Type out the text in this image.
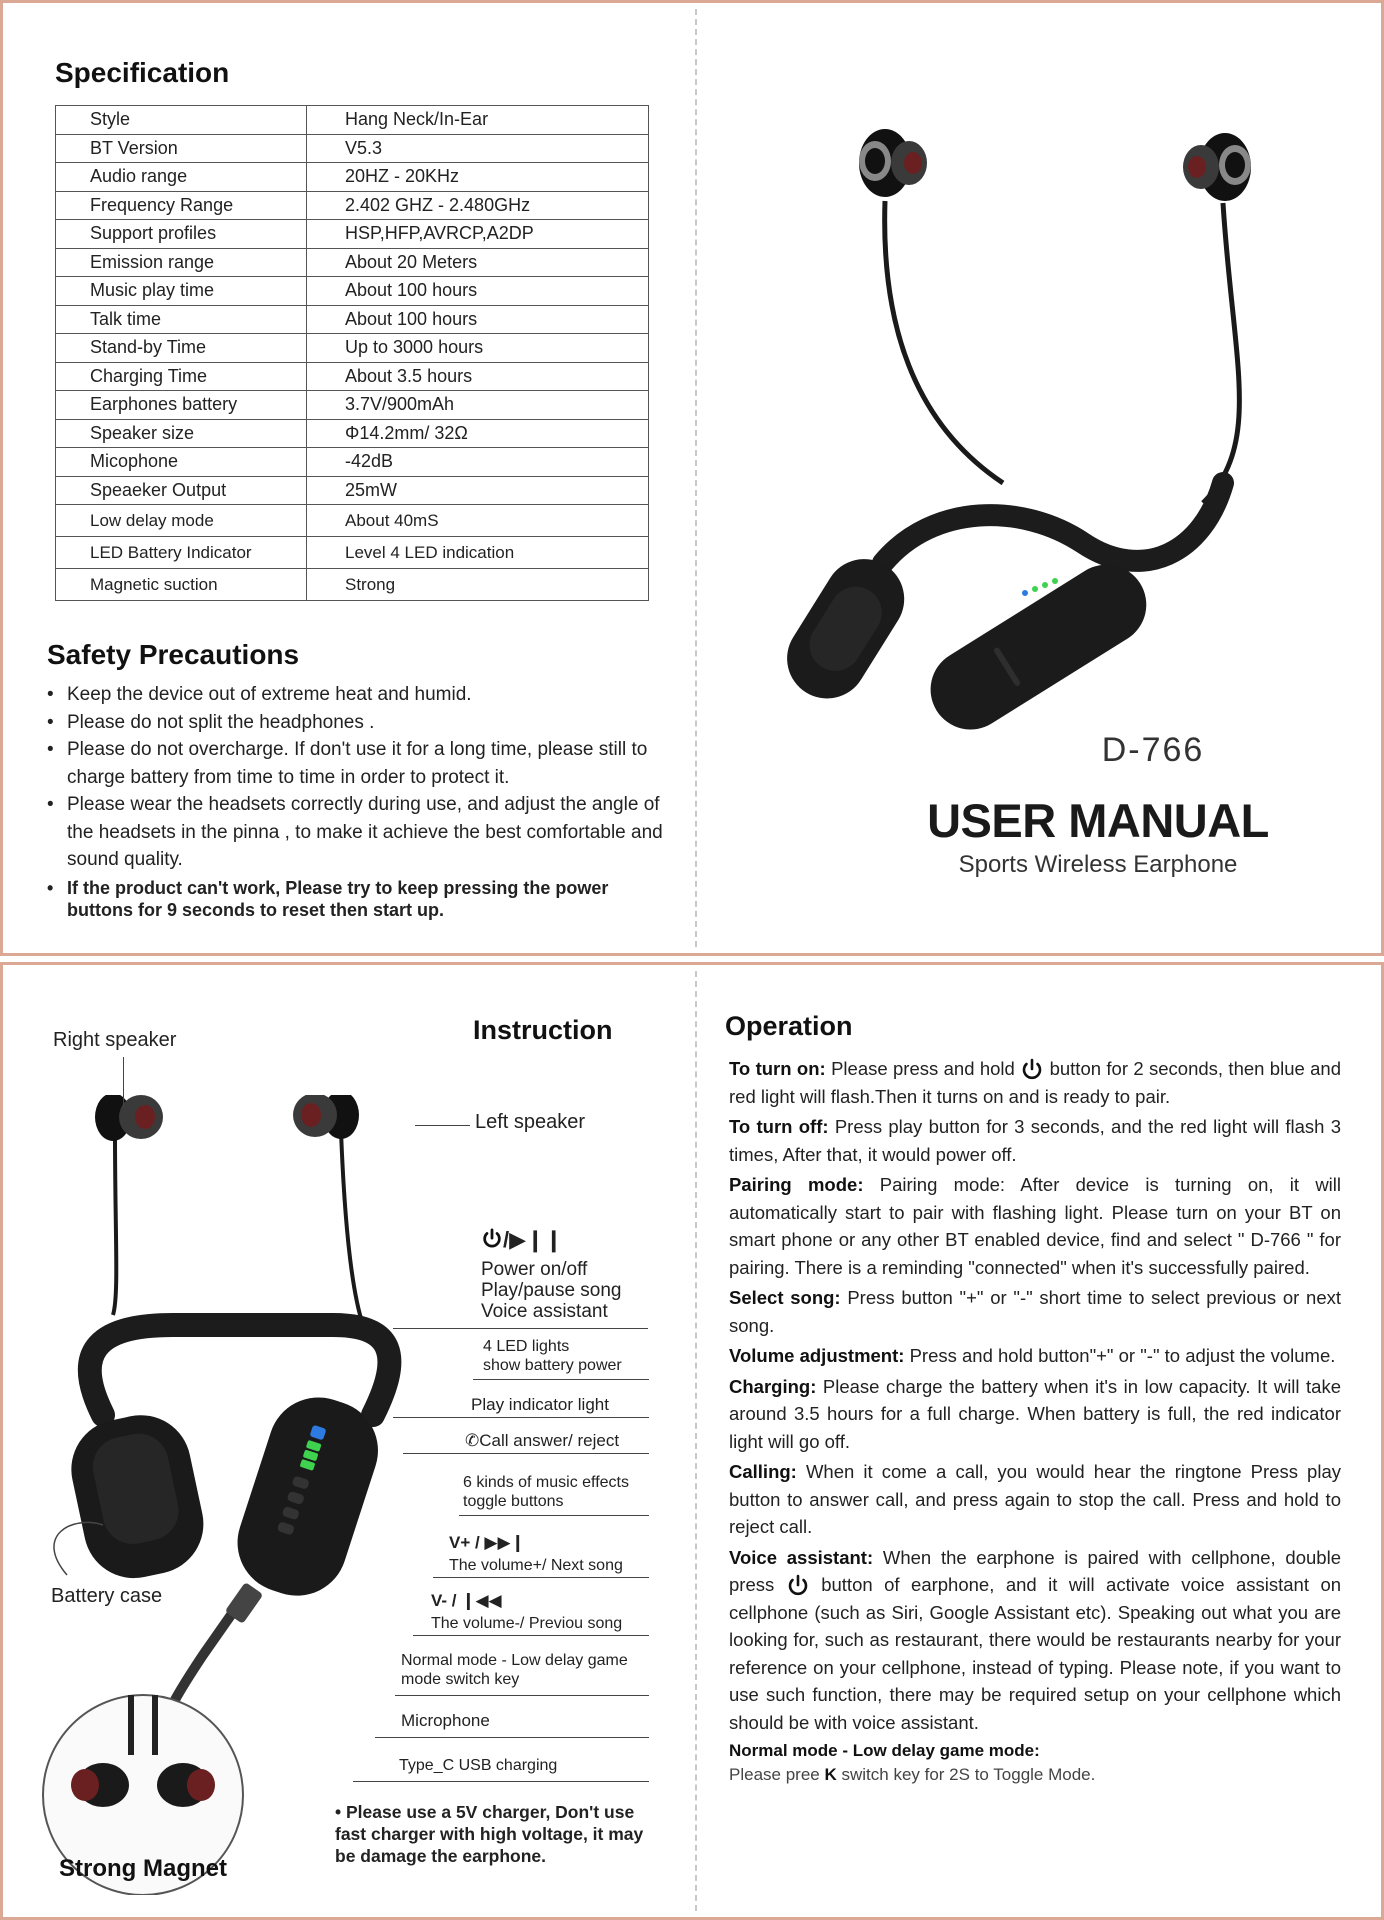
Specification
Style	Hang Neck/In-Ear
BT Version	V5.3
Audio range	20HZ - 20KHz
Frequency Range	2.402 GHZ - 2.480GHz
Support profiles	HSP,HFP,AVRCP,A2DP
Emission range	About 20 Meters
Music play time	About 100 hours
Talk time	About 100 hours
Stand-by Time	Up to 3000 hours
Charging Time	About 3.5 hours
Earphones battery	3.7V/900mAh
Speaker size	Φ14.2mm/ 32Ω
Micophone	-42dB
Speaeker Output	25mW
Low delay mode	About 40mS
LED Battery Indicator	Level 4 LED indication
Magnetic suction	Strong
Safety Precautions
• Keep the device out of extreme heat and humid.
• Please do not split the headphones .
• Please do not overcharge. If don't use it for a long time, please still to charge battery from time to time in order to protect it.
• Please wear the headsets correctly during use, and adjust the angle of the headsets in the pinna , to make it achieve the best comfortable and sound quality.
• If the product can't work, Please try to keep pressing the power buttons for 9 seconds to reset then start up.
D-766
USER MANUAL
Sports Wireless Earphone
Instruction
Right speaker
Left speaker
/▶❙❙
Power on/off
Play/pause song
Voice assistant
4 LED lights
show battery power
Play indicator light
✆Call answer/ reject
6 kinds of music effects
toggle buttons
V+ / ▶▶❙
The volume+/ Next song
V- / ❙◀◀
The volume-/ Previou song
Normal mode - Low delay game
mode switch key
Microphone
Type_C USB charging
Battery case
Strong Magnet
• Please use a 5V charger, Don't use fast charger with high voltage, it may be damage the earphone.
Operation

To turn on: Please press and hold button for 2 seconds, then blue and red light will flash.Then it turns on and is ready to pair.

To turn off: Press play button for 3 seconds, and the red light will flash 3 times, After that, it would power off.

Pairing mode: Pairing mode: After device is turning on, it will automatically start to pair with flashing light. Please turn on your BT on smart phone or any other BT enabled device, find and select " D-766 " for pairing. There is a reminding "connected" when it's successfully paired.

Select song: Press button "+" or "-" short time to select previous or next song.

Volume adjustment: Press and hold button"+" or "-" to adjust the volume.

Charging: Please charge the battery when it's in low capacity. It will take around 3.5 hours for a full charge. When battery is full, the red indicator light will go off.

Calling: When it come a call, you would hear the ringtone Press play button to answer call, and press again to stop the call. Press and hold to reject call.

Voice assistant: When the earphone is paired with cellphone, double press	button of earphone, and it will activate voice assistant on cellphone (such as Siri, Google Assistant etc). Speaking out what you are looking for, such as restaurant, there would be restaurants nearby for your reference on your cellphone, instead of typing. Please note, if you want to use such function, there may be required setup on your cellphone which should be with voice assistant.

Normal mode - Low delay game mode:
Please pree K switch key for 2S to Toggle Mode.
